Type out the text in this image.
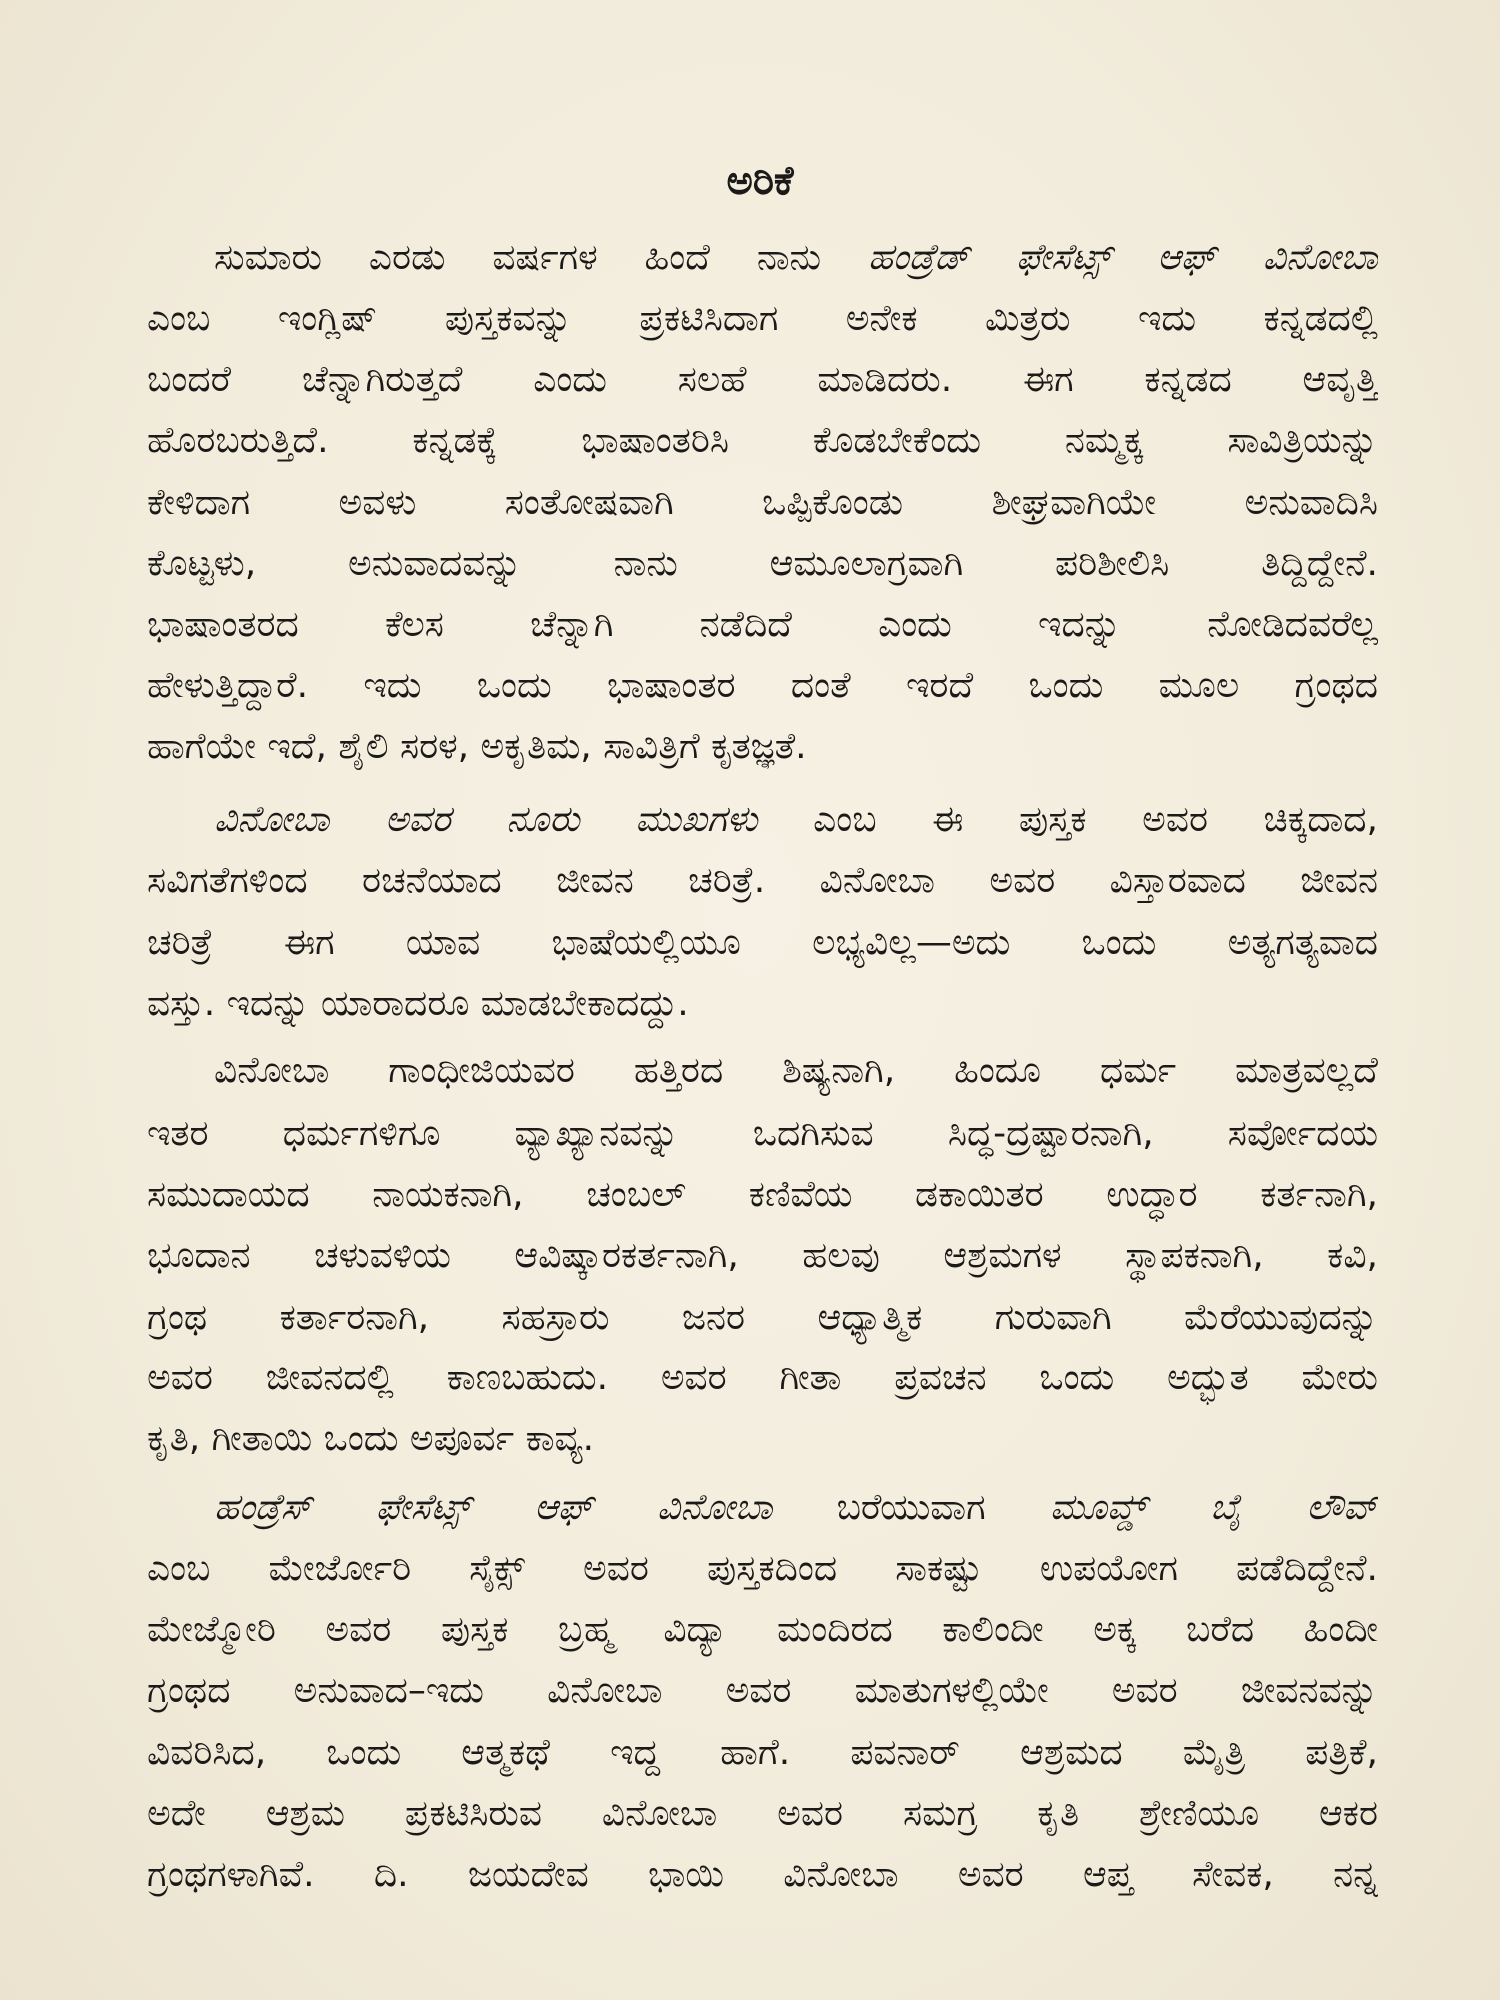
ಅರಿಕೆ
ಸುಮಾರು ಎರಡು ವರ್ಷಗಳ ಹಿಂದೆ ನಾನು ಹಂಡ್ರೆಡ್ ಫೇಸೆಟ್ಸ್ ಆಫ್ ವಿನೋಬಾ
ಎಂಬ ಇಂಗ್ಲಿಷ್ ಪುಸ್ತಕವನ್ನು ಪ್ರಕಟಿಸಿದಾಗ ಅನೇಕ ಮಿತ್ರರು ಇದು ಕನ್ನಡದಲ್ಲಿ
ಬಂದರೆ ಚೆನ್ನಾಗಿರುತ್ತದೆ ಎಂದು ಸಲಹೆ ಮಾಡಿದರು. ಈಗ ಕನ್ನಡದ ಆವೃತ್ತಿ
ಹೊರಬರುತ್ತಿದೆ. ಕನ್ನಡಕ್ಕೆ ಭಾಷಾಂತರಿಸಿ ಕೊಡಬೇಕೆಂದು ನಮ್ಮಕ್ಕ ಸಾವಿತ್ರಿಯನ್ನು
ಕೇಳಿದಾಗ ಅವಳು ಸಂತೋಷವಾಗಿ ಒಪ್ಪಿಕೊಂಡು ಶೀಘ್ರವಾಗಿಯೇ ಅನುವಾದಿಸಿ
ಕೊಟ್ಟಳು, ಅನುವಾದವನ್ನು ನಾನು ಆಮೂಲಾಗ್ರವಾಗಿ ಪರಿಶೀಲಿಸಿ ತಿದ್ದಿದ್ದೇನೆ.
ಭಾಷಾಂತರದ ಕೆಲಸ ಚೆನ್ನಾಗಿ ನಡೆದಿದೆ ಎಂದು ಇದನ್ನು ನೋಡಿದವರೆಲ್ಲ
ಹೇಳುತ್ತಿದ್ದಾರೆ. ಇದು ಒಂದು ಭಾಷಾಂತರ ದಂತೆ ಇರದೆ ಒಂದು ಮೂಲ ಗ್ರಂಥದ
ಹಾಗೆಯೇ ಇದೆ, ಶೈಲಿ ಸರಳ, ಅಕೃತಿಮ, ಸಾವಿತ್ರಿಗೆ ಕೃತಜ್ಞತೆ.
ವಿನೋಬಾ ಅವರ ನೂರು ಮುಖಗಳು ಎಂಬ ಈ ಪುಸ್ತಕ ಅವರ ಚಿಕ್ಕದಾದ,
ಸವಿಗತೆಗಳಿಂದ ರಚನೆಯಾದ ಜೀವನ ಚರಿತ್ರೆ. ವಿನೋಬಾ ಅವರ ವಿಸ್ತಾರವಾದ ಜೀವನ
ಚರಿತ್ರೆ ಈಗ ಯಾವ ಭಾಷೆಯಲ್ಲಿಯೂ ಲಭ್ಯವಿಲ್ಲ—ಅದು ಒಂದು ಅತ್ಯಗತ್ಯವಾದ
ವಸ್ತು. ಇದನ್ನು ಯಾರಾದರೂ ಮಾಡಬೇಕಾದದ್ದು.
ವಿನೋಬಾ ಗಾಂಧೀಜಿಯವರ ಹತ್ತಿರದ ಶಿಷ್ಯನಾಗಿ, ಹಿಂದೂ ಧರ್ಮ ಮಾತ್ರವಲ್ಲದೆ
ಇತರ ಧರ್ಮಗಳಿಗೂ ವ್ಯಾಖ್ಯಾನವನ್ನು ಒದಗಿಸುವ ಸಿದ್ಧ-ದ್ರಷ್ಟಾರನಾಗಿ, ಸರ್ವೋದಯ
ಸಮುದಾಯದ ನಾಯಕನಾಗಿ, ಚಂಬಲ್ ಕಣಿವೆಯ ಡಕಾಯಿತರ ಉದ್ಧಾರ ಕರ್ತನಾಗಿ,
ಭೂದಾನ ಚಳುವಳಿಯ ಆವಿಷ್ಕಾರಕರ್ತನಾಗಿ, ಹಲವು ಆಶ್ರಮಗಳ ಸ್ಥಾಪಕನಾಗಿ, ಕವಿ,
ಗ್ರಂಥ ಕರ್ತಾರನಾಗಿ, ಸಹಸ್ರಾರು ಜನರ ಆಧ್ಯಾತ್ಮಿಕ ಗುರುವಾಗಿ ಮೆರೆಯುವುದನ್ನು
ಅವರ ಜೀವನದಲ್ಲಿ ಕಾಣಬಹುದು. ಅವರ ಗೀತಾ ಪ್ರವಚನ ಒಂದು ಅದ್ಭುತ ಮೇರು
ಕೃತಿ, ಗೀತಾಯಿ ಒಂದು ಅಪೂರ್ವ ಕಾವ್ಯ.
ಹಂಡ್ರೆಸ್ ಫೇಸೆಟ್ಸ್ ಆಫ್ ವಿನೋಬಾ ಬರೆಯುವಾಗ ಮೂವ್ಡ್ ಬೈ ಲೌವ್
ಎಂಬ ಮೇರ್ಜೋರಿ ಸೈಕ್ಸ್ ಅವರ ಪುಸ್ತಕದಿಂದ ಸಾಕಷ್ಟು ಉಪಯೋಗ ಪಡೆದಿದ್ದೇನೆ.
ಮೇಜ್ಮೋರಿ ಅವರ ಪುಸ್ತಕ ಬ್ರಹ್ಮ ವಿದ್ಯಾ ಮಂದಿರದ ಕಾಲಿಂದೀ ಅಕ್ಕ ಬರೆದ ಹಿಂದೀ
ಗ್ರಂಥದ ಅನುವಾದ–ಇದು ವಿನೋಬಾ ಅವರ ಮಾತುಗಳಲ್ಲಿಯೇ ಅವರ ಜೀವನವನ್ನು
ವಿವರಿಸಿದ, ಒಂದು ಆತ್ಮಕಥೆ ಇದ್ದ ಹಾಗೆ. ಪವನಾರ್ ಆಶ್ರಮದ ಮೈತ್ರಿ ಪತ್ರಿಕೆ,
ಅದೇ ಆಶ್ರಮ ಪ್ರಕಟಿಸಿರುವ ವಿನೋಬಾ ಅವರ ಸಮಗ್ರ ಕೃತಿ ಶ್ರೇಣಿಯೂ ಆಕರ
ಗ್ರಂಥಗಳಾಗಿವೆ. ದಿ. ಜಯದೇವ ಭಾಯಿ ವಿನೋಬಾ ಅವರ ಆಪ್ತ ಸೇವಕ, ನನ್ನ
